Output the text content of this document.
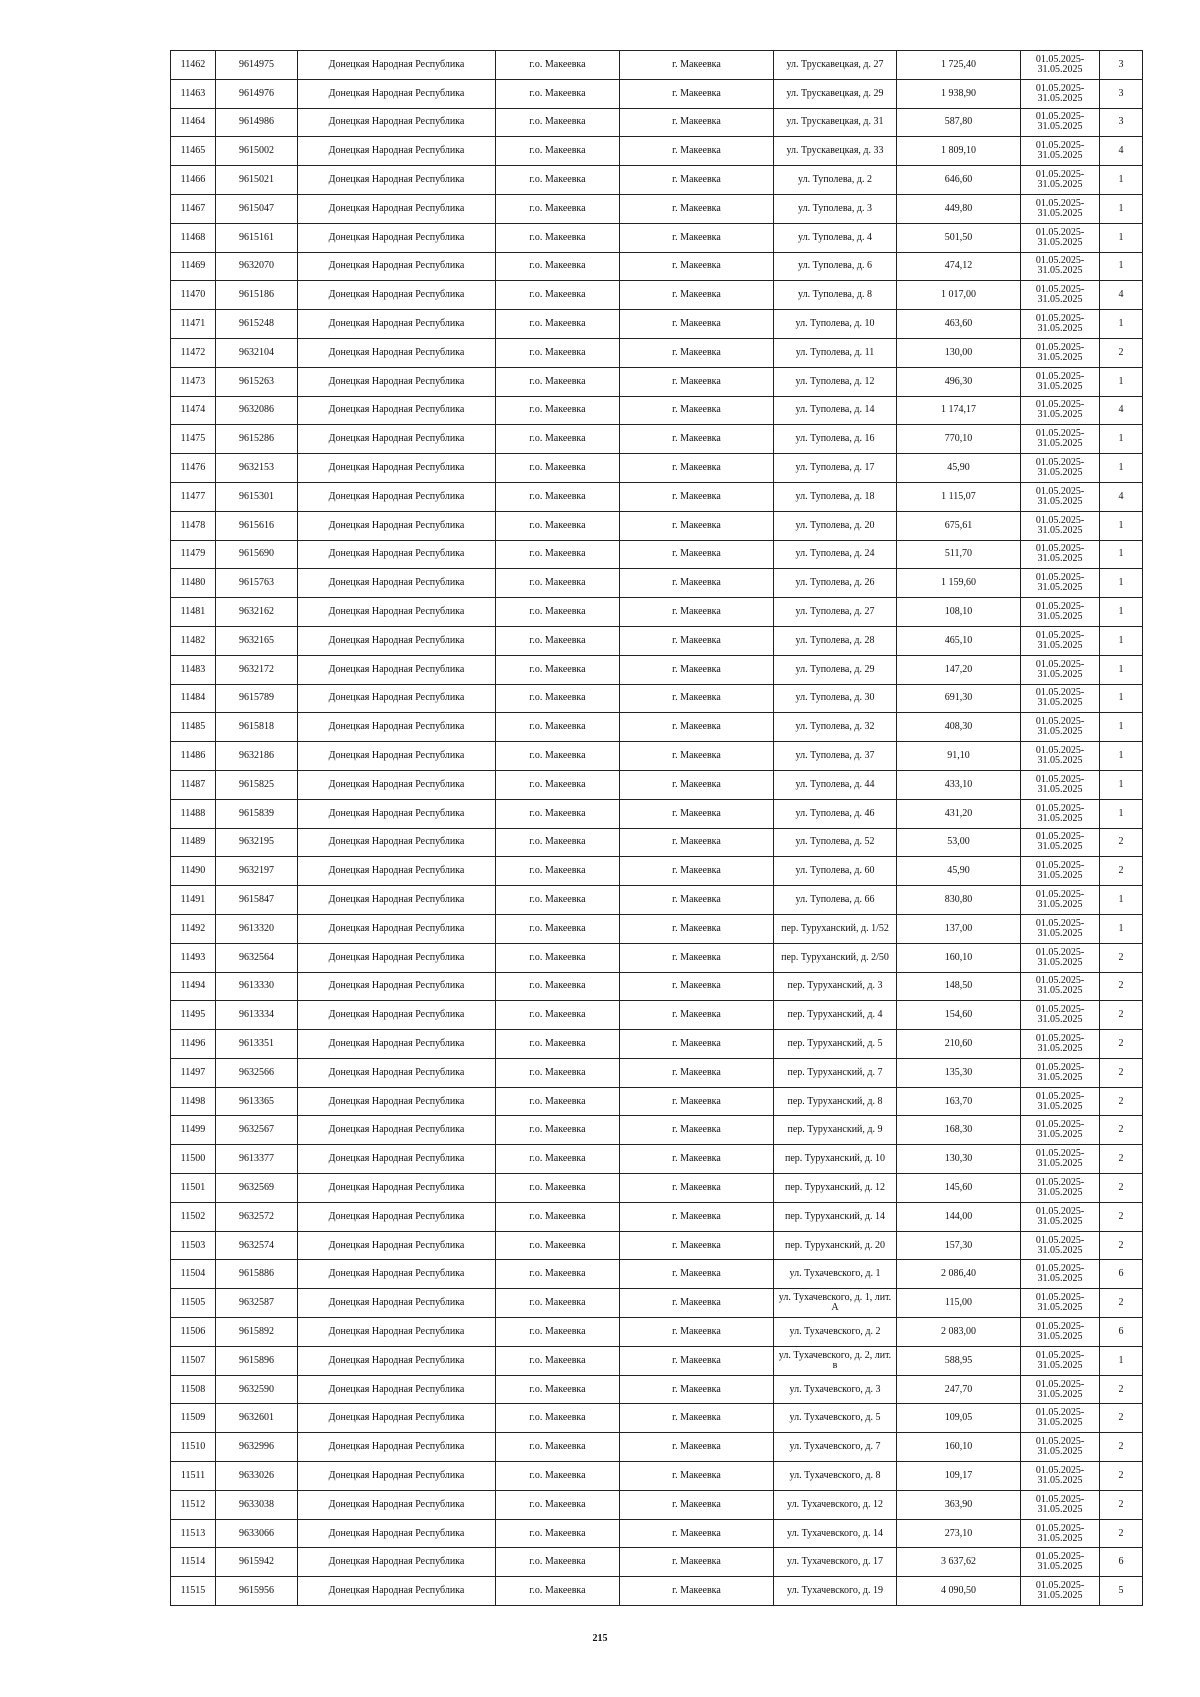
11462	9614975	Донецкая Народная Республика	г.о. Макеевка	г. Макеевка	ул. Трускавецкая, д. 27	1 725,40	01.05.2025-31.05.2025	3
11463	9614976	Донецкая Народная Республика	г.о. Макеевка	г. Макеевка	ул. Трускавецкая, д. 29	1 938,90	01.05.2025-31.05.2025	3
11464	9614986	Донецкая Народная Республика	г.о. Макеевка	г. Макеевка	ул. Трускавецкая, д. 31	587,80	01.05.2025-31.05.2025	3
11465	9615002	Донецкая Народная Республика	г.о. Макеевка	г. Макеевка	ул. Трускавецкая, д. 33	1 809,10	01.05.2025-31.05.2025	4
11466	9615021	Донецкая Народная Республика	г.о. Макеевка	г. Макеевка	ул. Туполева, д. 2	646,60	01.05.2025-31.05.2025	1
11467	9615047	Донецкая Народная Республика	г.о. Макеевка	г. Макеевка	ул. Туполева, д. 3	449,80	01.05.2025-31.05.2025	1
11468	9615161	Донецкая Народная Республика	г.о. Макеевка	г. Макеевка	ул. Туполева, д. 4	501,50	01.05.2025-31.05.2025	1
11469	9632070	Донецкая Народная Республика	г.о. Макеевка	г. Макеевка	ул. Туполева, д. 6	474,12	01.05.2025-31.05.2025	1
11470	9615186	Донецкая Народная Республика	г.о. Макеевка	г. Макеевка	ул. Туполева, д. 8	1 017,00	01.05.2025-31.05.2025	4
11471	9615248	Донецкая Народная Республика	г.о. Макеевка	г. Макеевка	ул. Туполева, д. 10	463,60	01.05.2025-31.05.2025	1
11472	9632104	Донецкая Народная Республика	г.о. Макеевка	г. Макеевка	ул. Туполева, д. 11	130,00	01.05.2025-31.05.2025	2
11473	9615263	Донецкая Народная Республика	г.о. Макеевка	г. Макеевка	ул. Туполева, д. 12	496,30	01.05.2025-31.05.2025	1
11474	9632086	Донецкая Народная Республика	г.о. Макеевка	г. Макеевка	ул. Туполева, д. 14	1 174,17	01.05.2025-31.05.2025	4
11475	9615286	Донецкая Народная Республика	г.о. Макеевка	г. Макеевка	ул. Туполева, д. 16	770,10	01.05.2025-31.05.2025	1
11476	9632153	Донецкая Народная Республика	г.о. Макеевка	г. Макеевка	ул. Туполева, д. 17	45,90	01.05.2025-31.05.2025	1
11477	9615301	Донецкая Народная Республика	г.о. Макеевка	г. Макеевка	ул. Туполева, д. 18	1 115,07	01.05.2025-31.05.2025	4
11478	9615616	Донецкая Народная Республика	г.о. Макеевка	г. Макеевка	ул. Туполева, д. 20	675,61	01.05.2025-31.05.2025	1
11479	9615690	Донецкая Народная Республика	г.о. Макеевка	г. Макеевка	ул. Туполева, д. 24	511,70	01.05.2025-31.05.2025	1
11480	9615763	Донецкая Народная Республика	г.о. Макеевка	г. Макеевка	ул. Туполева, д. 26	1 159,60	01.05.2025-31.05.2025	1
11481	9632162	Донецкая Народная Республика	г.о. Макеевка	г. Макеевка	ул. Туполева, д. 27	108,10	01.05.2025-31.05.2025	1
11482	9632165	Донецкая Народная Республика	г.о. Макеевка	г. Макеевка	ул. Туполева, д. 28	465,10	01.05.2025-31.05.2025	1
11483	9632172	Донецкая Народная Республика	г.о. Макеевка	г. Макеевка	ул. Туполева, д. 29	147,20	01.05.2025-31.05.2025	1
11484	9615789	Донецкая Народная Республика	г.о. Макеевка	г. Макеевка	ул. Туполева, д. 30	691,30	01.05.2025-31.05.2025	1
11485	9615818	Донецкая Народная Республика	г.о. Макеевка	г. Макеевка	ул. Туполева, д. 32	408,30	01.05.2025-31.05.2025	1
11486	9632186	Донецкая Народная Республика	г.о. Макеевка	г. Макеевка	ул. Туполева, д. 37	91,10	01.05.2025-31.05.2025	1
11487	9615825	Донецкая Народная Республика	г.о. Макеевка	г. Макеевка	ул. Туполева, д. 44	433,10	01.05.2025-31.05.2025	1
11488	9615839	Донецкая Народная Республика	г.о. Макеевка	г. Макеевка	ул. Туполева, д. 46	431,20	01.05.2025-31.05.2025	1
11489	9632195	Донецкая Народная Республика	г.о. Макеевка	г. Макеевка	ул. Туполева, д. 52	53,00	01.05.2025-31.05.2025	2
11490	9632197	Донецкая Народная Республика	г.о. Макеевка	г. Макеевка	ул. Туполева, д. 60	45,90	01.05.2025-31.05.2025	2
11491	9615847	Донецкая Народная Республика	г.о. Макеевка	г. Макеевка	ул. Туполева, д. 66	830,80	01.05.2025-31.05.2025	1
11492	9613320	Донецкая Народная Республика	г.о. Макеевка	г. Макеевка	пер. Туруханский, д. 1/52	137,00	01.05.2025-31.05.2025	1
11493	9632564	Донецкая Народная Республика	г.о. Макеевка	г. Макеевка	пер. Туруханский, д. 2/50	160,10	01.05.2025-31.05.2025	2
11494	9613330	Донецкая Народная Республика	г.о. Макеевка	г. Макеевка	пер. Туруханский, д. 3	148,50	01.05.2025-31.05.2025	2
11495	9613334	Донецкая Народная Республика	г.о. Макеевка	г. Макеевка	пер. Туруханский, д. 4	154,60	01.05.2025-31.05.2025	2
11496	9613351	Донецкая Народная Республика	г.о. Макеевка	г. Макеевка	пер. Туруханский, д. 5	210,60	01.05.2025-31.05.2025	2
11497	9632566	Донецкая Народная Республика	г.о. Макеевка	г. Макеевка	пер. Туруханский, д. 7	135,30	01.05.2025-31.05.2025	2
11498	9613365	Донецкая Народная Республика	г.о. Макеевка	г. Макеевка	пер. Туруханский, д. 8	163,70	01.05.2025-31.05.2025	2
11499	9632567	Донецкая Народная Республика	г.о. Макеевка	г. Макеевка	пер. Туруханский, д. 9	168,30	01.05.2025-31.05.2025	2
11500	9613377	Донецкая Народная Республика	г.о. Макеевка	г. Макеевка	пер. Туруханский, д. 10	130,30	01.05.2025-31.05.2025	2
11501	9632569	Донецкая Народная Республика	г.о. Макеевка	г. Макеевка	пер. Туруханский, д. 12	145,60	01.05.2025-31.05.2025	2
11502	9632572	Донецкая Народная Республика	г.о. Макеевка	г. Макеевка	пер. Туруханский, д. 14	144,00	01.05.2025-31.05.2025	2
11503	9632574	Донецкая Народная Республика	г.о. Макеевка	г. Макеевка	пер. Туруханский, д. 20	157,30	01.05.2025-31.05.2025	2
11504	9615886	Донецкая Народная Республика	г.о. Макеевка	г. Макеевка	ул. Тухачевского, д. 1	2 086,40	01.05.2025-31.05.2025	6
11505	9632587	Донецкая Народная Республика	г.о. Макеевка	г. Макеевка	ул. Тухачевского, д. 1, лит. А	115,00	01.05.2025-31.05.2025	2
11506	9615892	Донецкая Народная Республика	г.о. Макеевка	г. Макеевка	ул. Тухачевского, д. 2	2 083,00	01.05.2025-31.05.2025	6
11507	9615896	Донецкая Народная Республика	г.о. Макеевка	г. Макеевка	ул. Тухачевского, д. 2, лит. в	588,95	01.05.2025-31.05.2025	1
11508	9632590	Донецкая Народная Республика	г.о. Макеевка	г. Макеевка	ул. Тухачевского, д. 3	247,70	01.05.2025-31.05.2025	2
11509	9632601	Донецкая Народная Республика	г.о. Макеевка	г. Макеевка	ул. Тухачевского, д. 5	109,05	01.05.2025-31.05.2025	2
11510	9632996	Донецкая Народная Республика	г.о. Макеевка	г. Макеевка	ул. Тухачевского, д. 7	160,10	01.05.2025-31.05.2025	2
11511	9633026	Донецкая Народная Республика	г.о. Макеевка	г. Макеевка	ул. Тухачевского, д. 8	109,17	01.05.2025-31.05.2025	2
11512	9633038	Донецкая Народная Республика	г.о. Макеевка	г. Макеевка	ул. Тухачевского, д. 12	363,90	01.05.2025-31.05.2025	2
11513	9633066	Донецкая Народная Республика	г.о. Макеевка	г. Макеевка	ул. Тухачевского, д. 14	273,10	01.05.2025-31.05.2025	2
11514	9615942	Донецкая Народная Республика	г.о. Макеевка	г. Макеевка	ул. Тухачевского, д. 17	3 637,62	01.05.2025-31.05.2025	6
11515	9615956	Донецкая Народная Республика	г.о. Макеевка	г. Макеевка	ул. Тухачевского, д. 19	4 090,50	01.05.2025-31.05.2025	5
215
